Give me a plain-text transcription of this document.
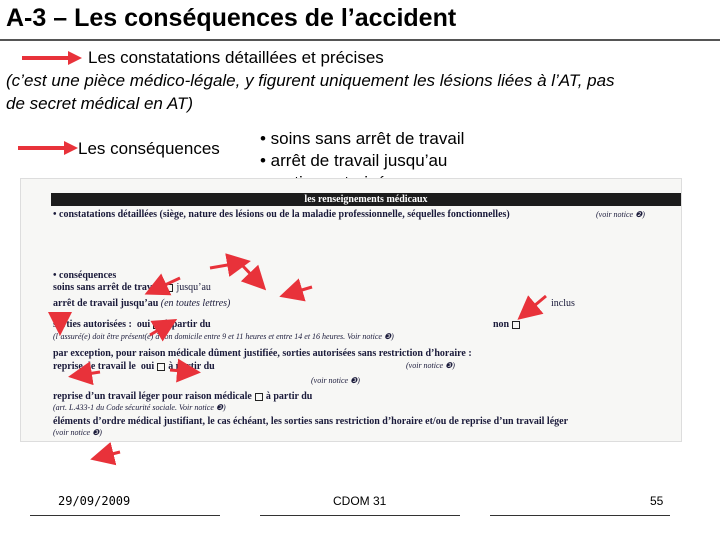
A-3 – Les conséquences de l’accident
Les constatations détaillées et précises
(c’est une pièce médico-légale, y figurent uniquement les lésions liées à l’AT, pas
de secret médical en AT)
Les conséquences
• soins sans arrêt de travail
• arrêt de travail jusqu’au
les renseignements médicaux
• constatations détaillées (siège, nature des lésions ou de la maladie professionnelle, séquelles fonctionnelles)	(voir notice ❷)
• conséquences
soins sans arrêt de travail jusqu’au
arrêt de travail jusqu’au (en toutes lettres)	inclus
sorties autorisées : oui à partir du	non
(l’assuré(e) doit être présent(e) à son domicile entre 9 et 11 heures et entre 14 et 16 heures. Voir notice ❸)
par exception, pour raison médicale dûment justifiée, sorties autorisées sans restriction d’horaire :
reprise de travail le oui à partir du	(voir notice ❸)
(voir notice ❸)
reprise d’un travail léger pour raison médicale à partir du
(art. L.433-1 du Code sécurité sociale. Voir notice ❸)
éléments d’ordre médical justifiant, le cas échéant, les sorties sans restriction d’horaire et/ou de reprise d’un travail léger
(voir notice ❸)
29/09/2009	CDOM 31	55
